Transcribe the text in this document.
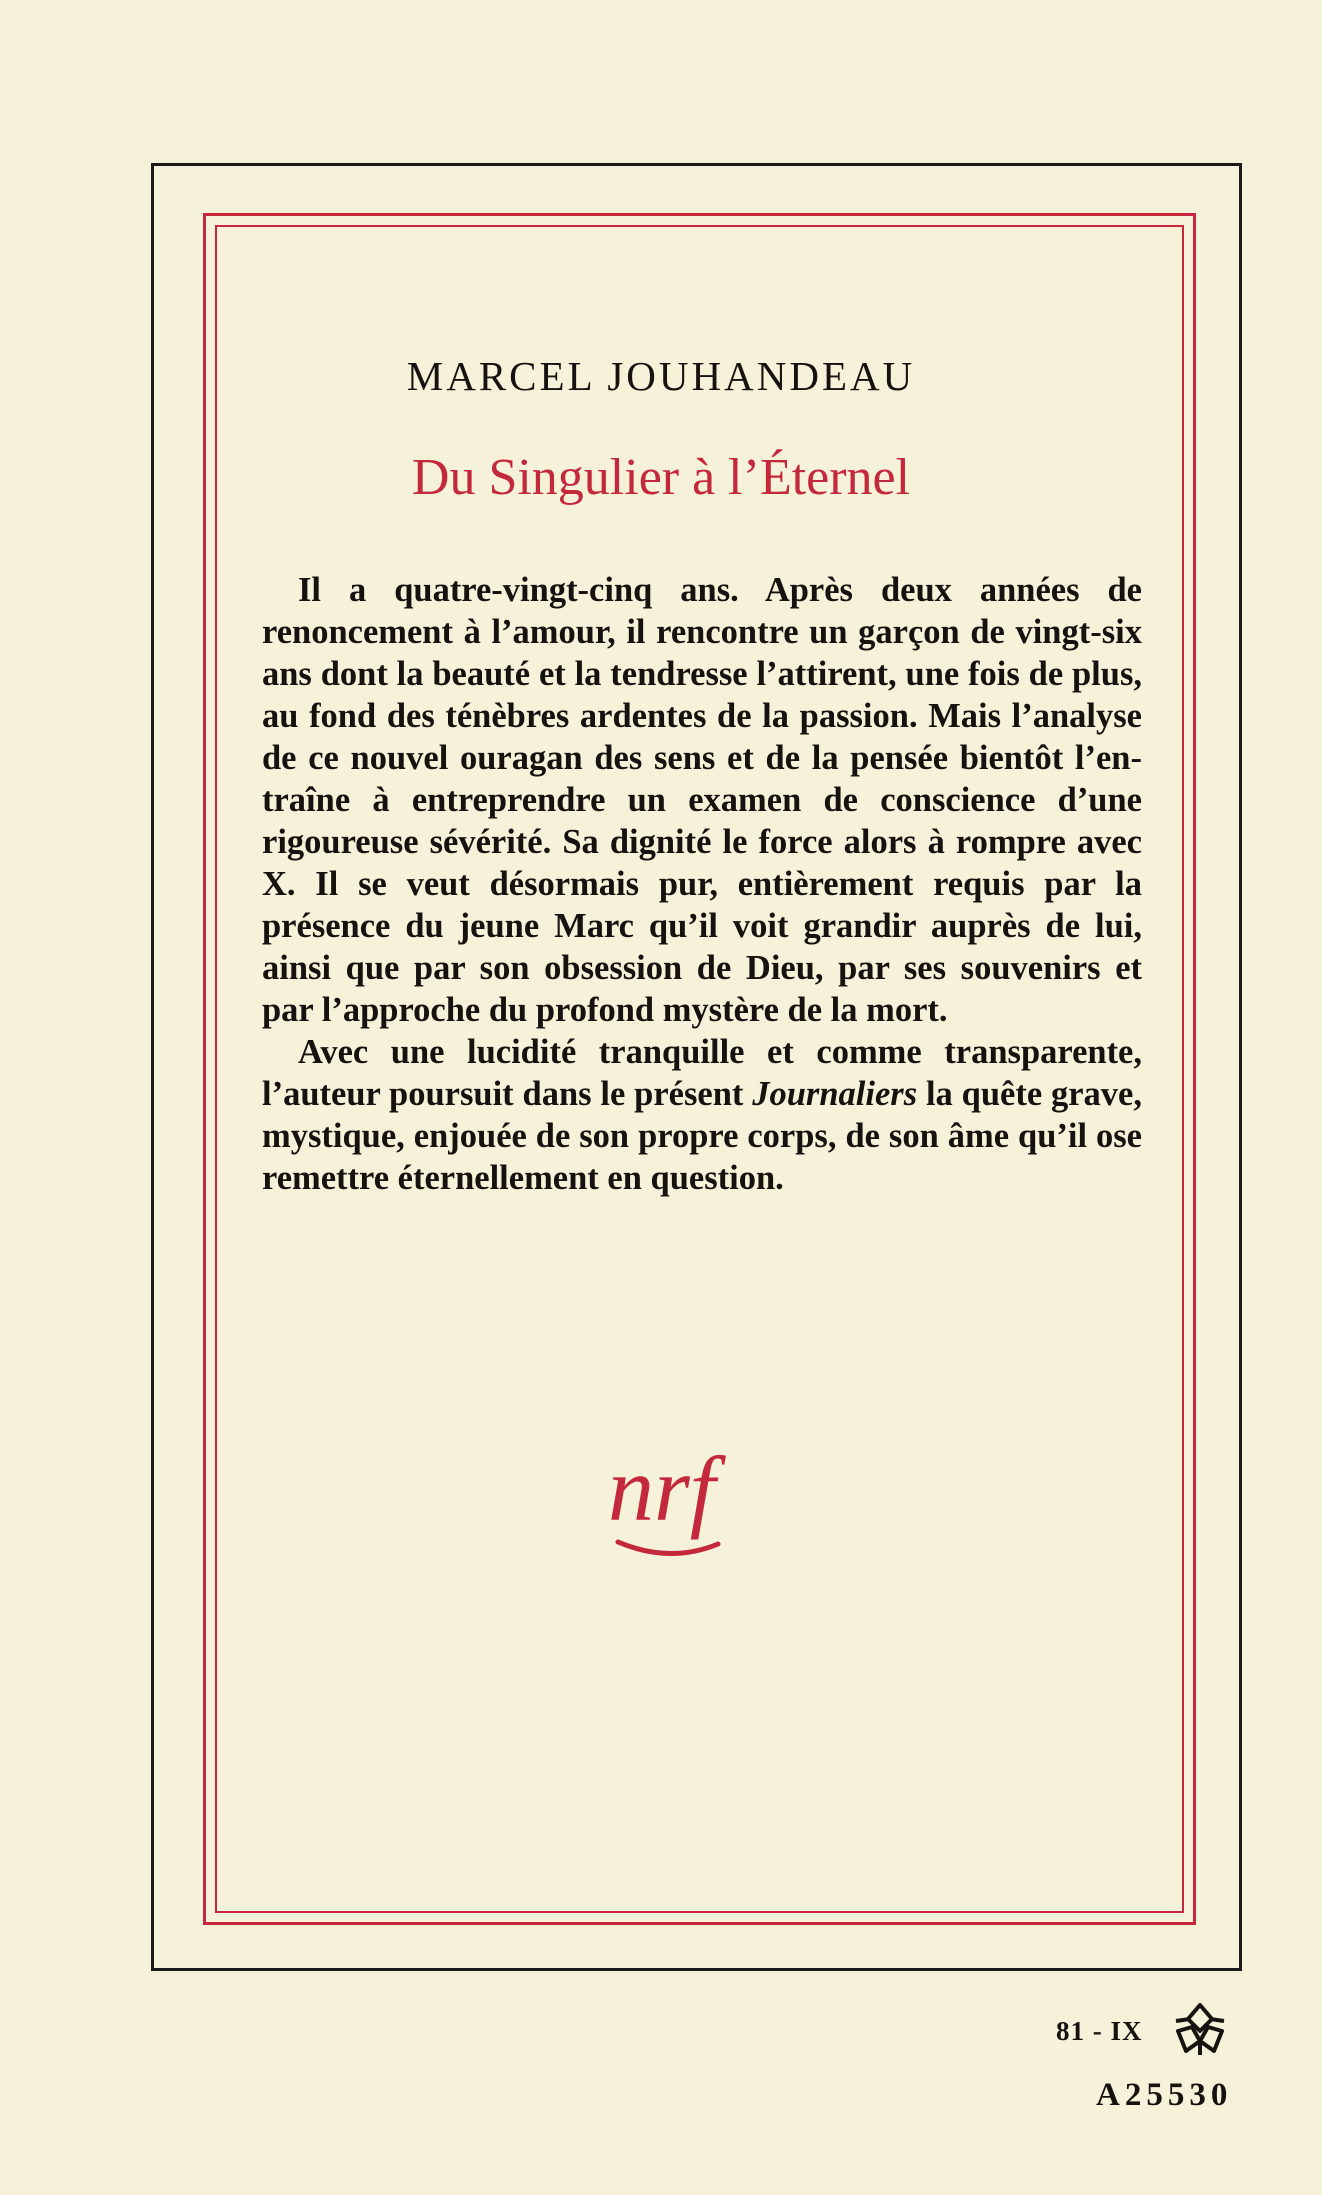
MARCEL JOUHANDEAU
Du Singulier à l’Éternel

Il a quatre-vingt-cinq ans. Après deux années de renoncement à l’amour, il rencontre un garçon de vingt-six ans dont la beauté et la tendresse l’attirent, une fois de plus, au fond des ténèbres ardentes de la passion. Mais l’analyse de ce nouvel ouragan des sens et de la pensée bientôt l’entraîne à entreprendre un examen de conscience d’une rigoureuse sévérité. Sa dignité le force alors à rompre avec X. Il se veut désormais pur, entièrement requis par la présence du jeune Marc qu’il voit grandir auprès de lui, ainsi que par son obsession de Dieu, par ses souvenirs et par l’approche du profond mystère de la mort.

Avec une lucidité tranquille et comme transparente, l’auteur poursuit dans le présent Journaliers la quête grave, mystique, enjouée de son propre corps, de son âme qu’il ose remettre éternellement en question.

nrf
81 - IX
A25530
